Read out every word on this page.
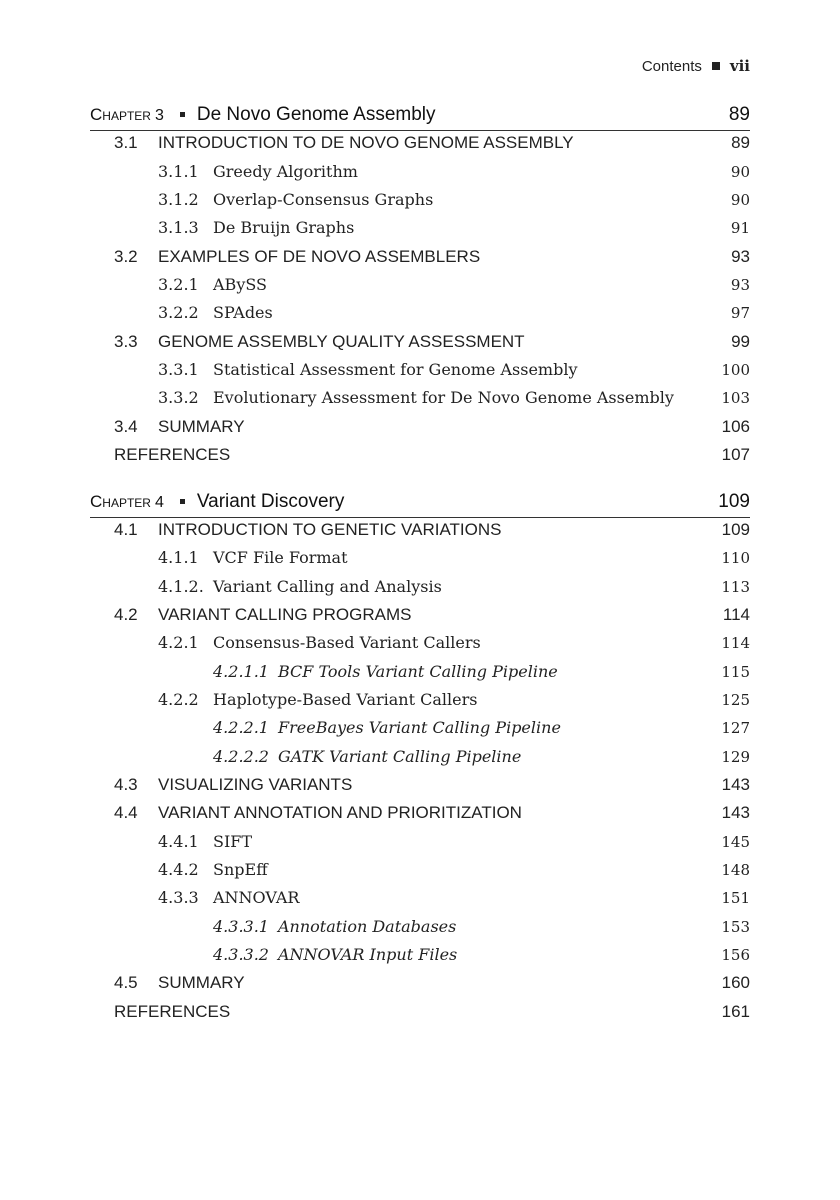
Contents vii
Chapter 3 De Novo Genome Assembly	89
3.1	INTRODUCTION TO DE NOVO GENOME ASSEMBLY	89
3.1.1 Greedy Algorithm	90
3.1.2 Overlap-Consensus Graphs	90
3.1.3 De Bruijn Graphs	91
3.2	EXAMPLES OF DE NOVO ASSEMBLERS	93
3.2.1 ABySS	93
3.2.2 SPAdes	97
3.3	GENOME ASSEMBLY QUALITY ASSESSMENT	99
3.3.1 Statistical Assessment for Genome Assembly	100
3.3.2 Evolutionary Assessment for De Novo Genome Assembly	103
3.4	SUMMARY	106
REFERENCES	107
Chapter 4 Variant Discovery	109
4.1	INTRODUCTION TO GENETIC VARIATIONS	109
4.1.1 VCF File Format	110
4.1.2. Variant Calling and Analysis	113
4.2	VARIANT CALLING PROGRAMS	114
4.2.1 Consensus-Based Variant Callers	114
4.2.1.1 BCF Tools Variant Calling Pipeline	115
4.2.2 Haplotype-Based Variant Callers	125
4.2.2.1 FreeBayes Variant Calling Pipeline	127
4.2.2.2 GATK Variant Calling Pipeline	129
4.3	VISUALIZING VARIANTS	143
4.4	VARIANT ANNOTATION AND PRIORITIZATION	143
4.4.1 SIFT	145
4.4.2 SnpEff	148
4.3.3 ANNOVAR	151
4.3.3.1 Annotation Databases	153
4.3.3.2 ANNOVAR Input Files	156
4.5	SUMMARY	160
REFERENCES	161
